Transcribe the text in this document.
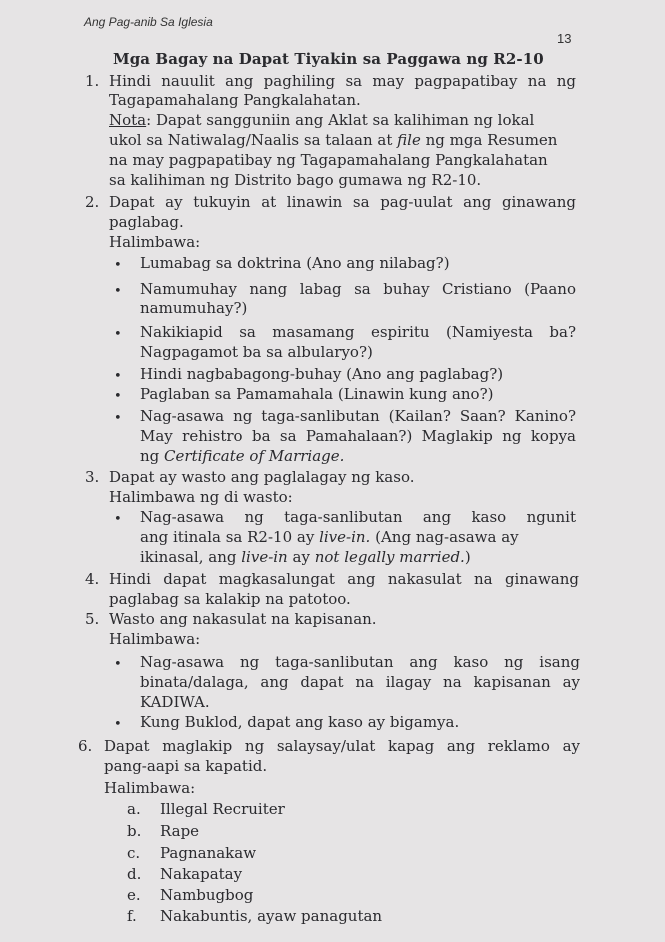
Ang Pag-anib Sa Iglesia
13
Mga Bagay na Dapat Tiyakin sa Paggawa ng R2-10
1. Hindi nauulit ang paghiling sa may pagpapatibay na ng
Tagapamahalang Pangkalahatan.
Nota: Dapat sangguniin ang Aklat sa kalihiman ng lokal
ukol sa Natiwalag/Naalis sa talaan at file ng mga Resumen
na may pagpapatibay ng Tagapamahalang Pangkalahatan
sa kalihiman ng Distrito bago gumawa ng R2-10.
2. Dapat ay tukuyin at linawin sa pag-uulat ang ginawang
paglabag.
Halimbawa:
• Lumabag sa doktrina (Ano ang nilabag?)
• Namumuhay nang labag sa buhay Cristiano (Paano
namumuhay?)
• Nakikiapid sa masamang espiritu (Namiyesta ba?
Nagpagamot ba sa albularyo?)
• Hindi nagbabagong-buhay (Ano ang paglabag?)
• Paglaban sa Pamamahala (Linawin kung ano?)
• Nag-asawa ng taga-sanlibutan (Kailan? Saan? Kanino?
May rehistro ba sa Pamahalaan?) Maglakip ng kopya
ng Certificate of Marriage.
3. Dapat ay wasto ang paglalagay ng kaso.
Halimbawa ng di wasto:
• Nag-asawa ng taga-sanlibutan ang kaso ngunit
ang itinala sa R2-10 ay live-in. (Ang nag-asawa ay
ikinasal, ang live-in ay not legally married.)
4. Hindi dapat magkasalungat ang nakasulat na ginawang
paglabag sa kalakip na patotoo.
5. Wasto ang nakasulat na kapisanan.
Halimbawa:
• Nag-asawa ng taga-sanlibutan ang kaso ng isang
binata/dalaga, ang dapat na ilagay na kapisanan ay
KADIWA.
• Kung Buklod, dapat ang kaso ay bigamya.
6. Dapat maglakip ng salaysay/ulat kapag ang reklamo ay
pang-aapi sa kapatid.
Halimbawa:
a. Illegal Recruiter
b. Rape
c. Pagnanakaw
d. Nakapatay
e. Nambugbog
f. Nakabuntis, ayaw panagutan
